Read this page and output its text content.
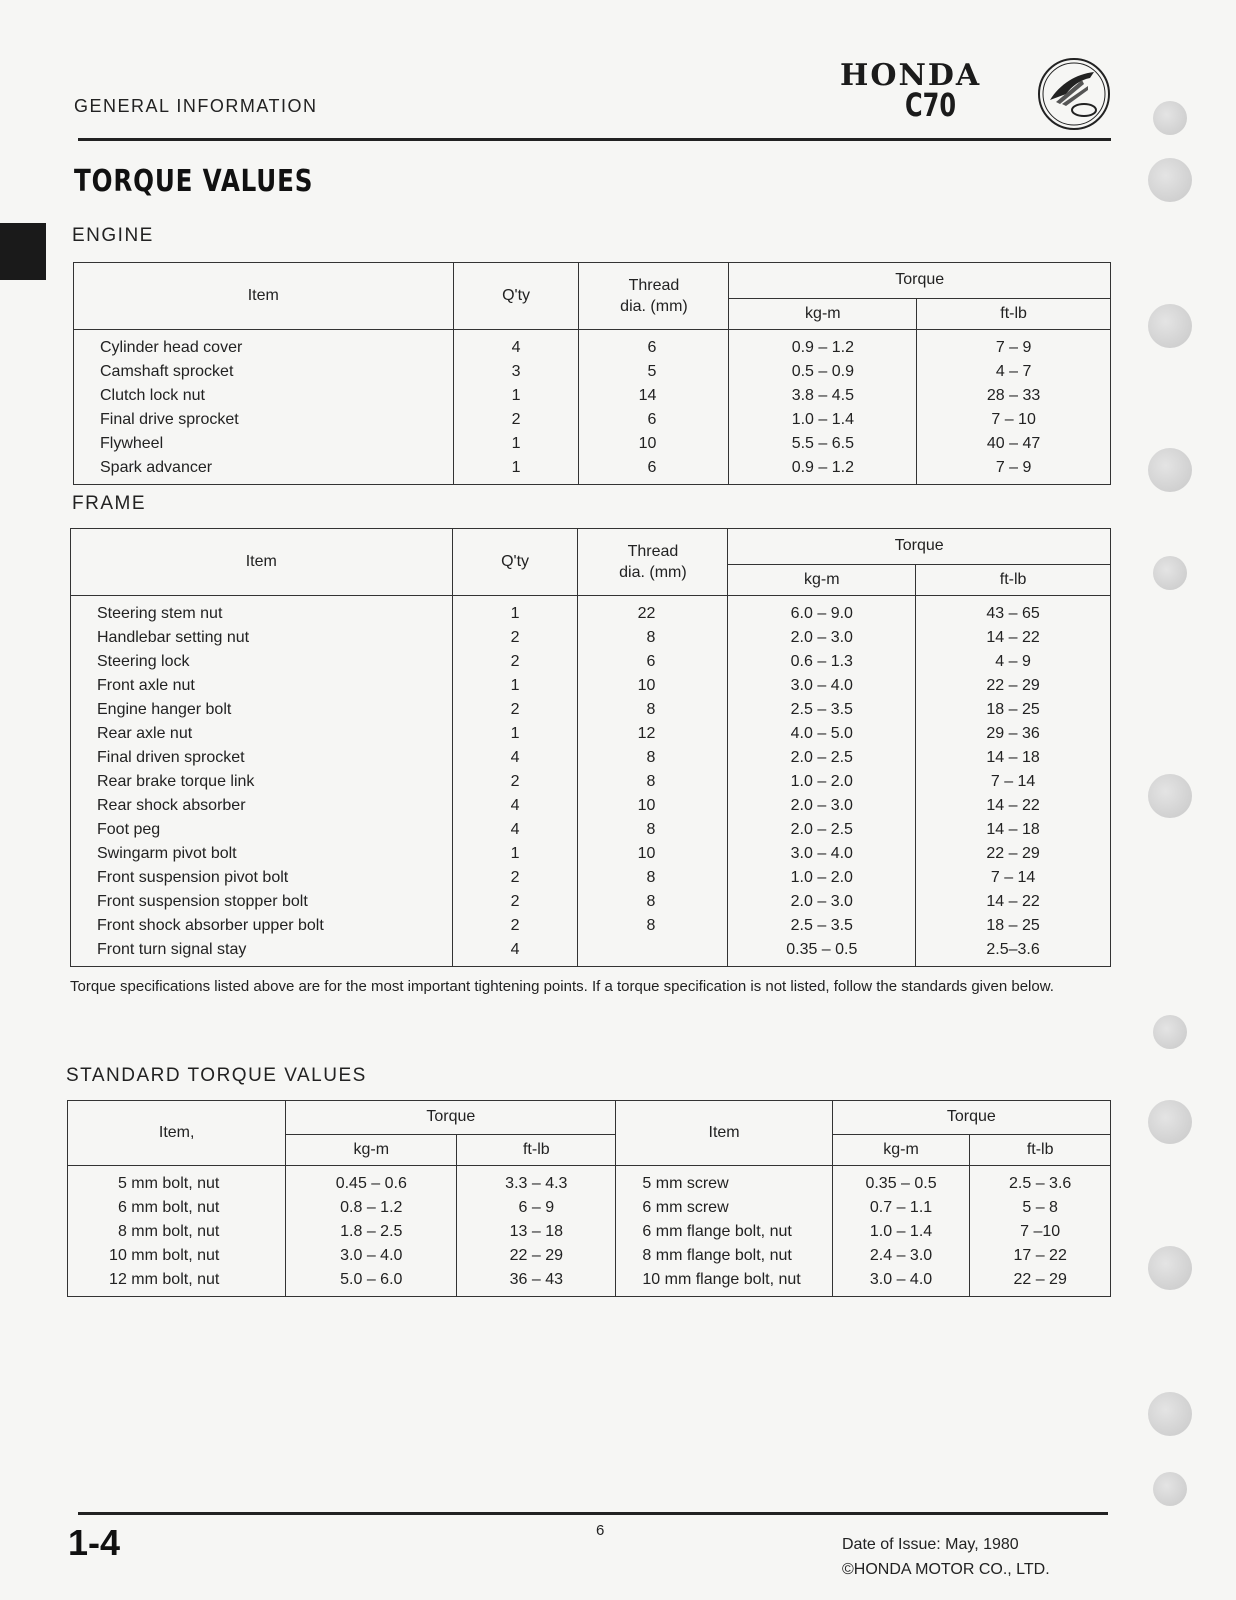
GENERAL INFORMATION
HONDA
C70
TORQUE VALUES
ENGINE
Item	Q'ty	Thread dia. (mm)	Torque	
			kg-m	ft-lb
Cylinder head cover	4	6	0.9 – 1.2	7 – 9
Camshaft sprocket	3	5	0.5 – 0.9	4 – 7
Clutch lock nut	1	14	3.8 – 4.5	28 – 33
Final drive sprocket	2	6	1.0 – 1.4	7 – 10
Flywheel	1	10	5.5 – 6.5	40 – 47
Spark advancer	1	6	0.9 – 1.2	7 – 9
FRAME
Item	Q'ty	Thread dia. (mm)	Torque	
			kg-m	ft-lb
Steering stem nut	1	22	6.0 – 9.0	43 – 65
Handlebar setting nut	2	8	2.0 – 3.0	14 – 22
Steering lock	2	6	0.6 – 1.3	4 – 9
Front axle nut	1	10	3.0 – 4.0	22 – 29
Engine hanger bolt	2	8	2.5 – 3.5	18 – 25
Rear axle nut	1	12	4.0 – 5.0	29 – 36
Final driven sprocket	4	8	2.0 – 2.5	14 – 18
Rear brake torque link	2	8	1.0 – 2.0	7 – 14
Rear shock absorber	4	10	2.0 – 3.0	14 – 22
Foot peg	4	8	2.0 – 2.5	14 – 18
Swingarm pivot bolt	1	10	3.0 – 4.0	22 – 29
Front suspension pivot bolt	2	8	1.0 – 2.0	7 – 14
Front suspension stopper bolt	2	8	2.0 – 3.0	14 – 22
Front shock absorber upper bolt	2	8	2.5 – 3.5	18 – 25
Front turn signal stay	4		0.35 – 0.5	2.5–3.6
Torque specifications listed above are for the most important tightening points. If a torque specification is not listed, follow the standards given below.
STANDARD TORQUE VALUES
Item,	Torque		Item	Torque	
	kg-m	ft-lb		kg-m	ft-lb
5 mm bolt, nut	0.45 – 0.6	3.3 – 4.3	5 mm screw	0.35 – 0.5	2.5 – 3.6
6 mm bolt, nut	0.8 – 1.2	6 – 9	6 mm screw	0.7 – 1.1	5 – 8
8 mm bolt, nut	1.8 – 2.5	13 – 18	6 mm flange bolt, nut	1.0 – 1.4	7 –10
10 mm bolt, nut	3.0 – 4.0	22 – 29	8 mm flange bolt, nut	2.4 – 3.0	17 – 22
12 mm bolt, nut	5.0 – 6.0	36 – 43	10 mm flange bolt, nut	3.0 – 4.0	22 – 29
1-4	6
Date of Issue: May, 1980
©HONDA MOTOR CO., LTD.
